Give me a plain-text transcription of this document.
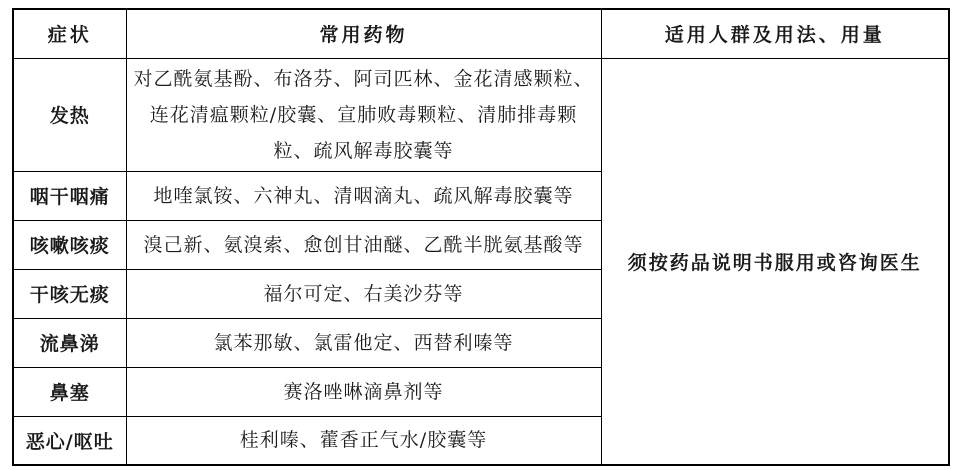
症状	常用药物	适用人群及用法、用量
发热	对乙酰氨基酚、布洛芬、阿司匹林、金花清感颗粒、连花清瘟颗粒/胶囊、宣肺败毒颗粒、清肺排毒颗粒、疏风解毒胶囊等	须按药品说明书服用或咨询医生
咽干咽痛	地喹氯铵、六神丸、清咽滴丸、疏风解毒胶囊等	
咳嗽咳痰	溴己新、氨溴索、愈创甘油醚、乙酰半胱氨基酸等	
干咳无痰	福尔可定、右美沙芬等	
流鼻涕	氯苯那敏、氯雷他定、西替利嗪等	
鼻塞	赛洛唑啉滴鼻剂等	
恶心/呕吐	桂利嗪、藿香正气水/胶囊等	
